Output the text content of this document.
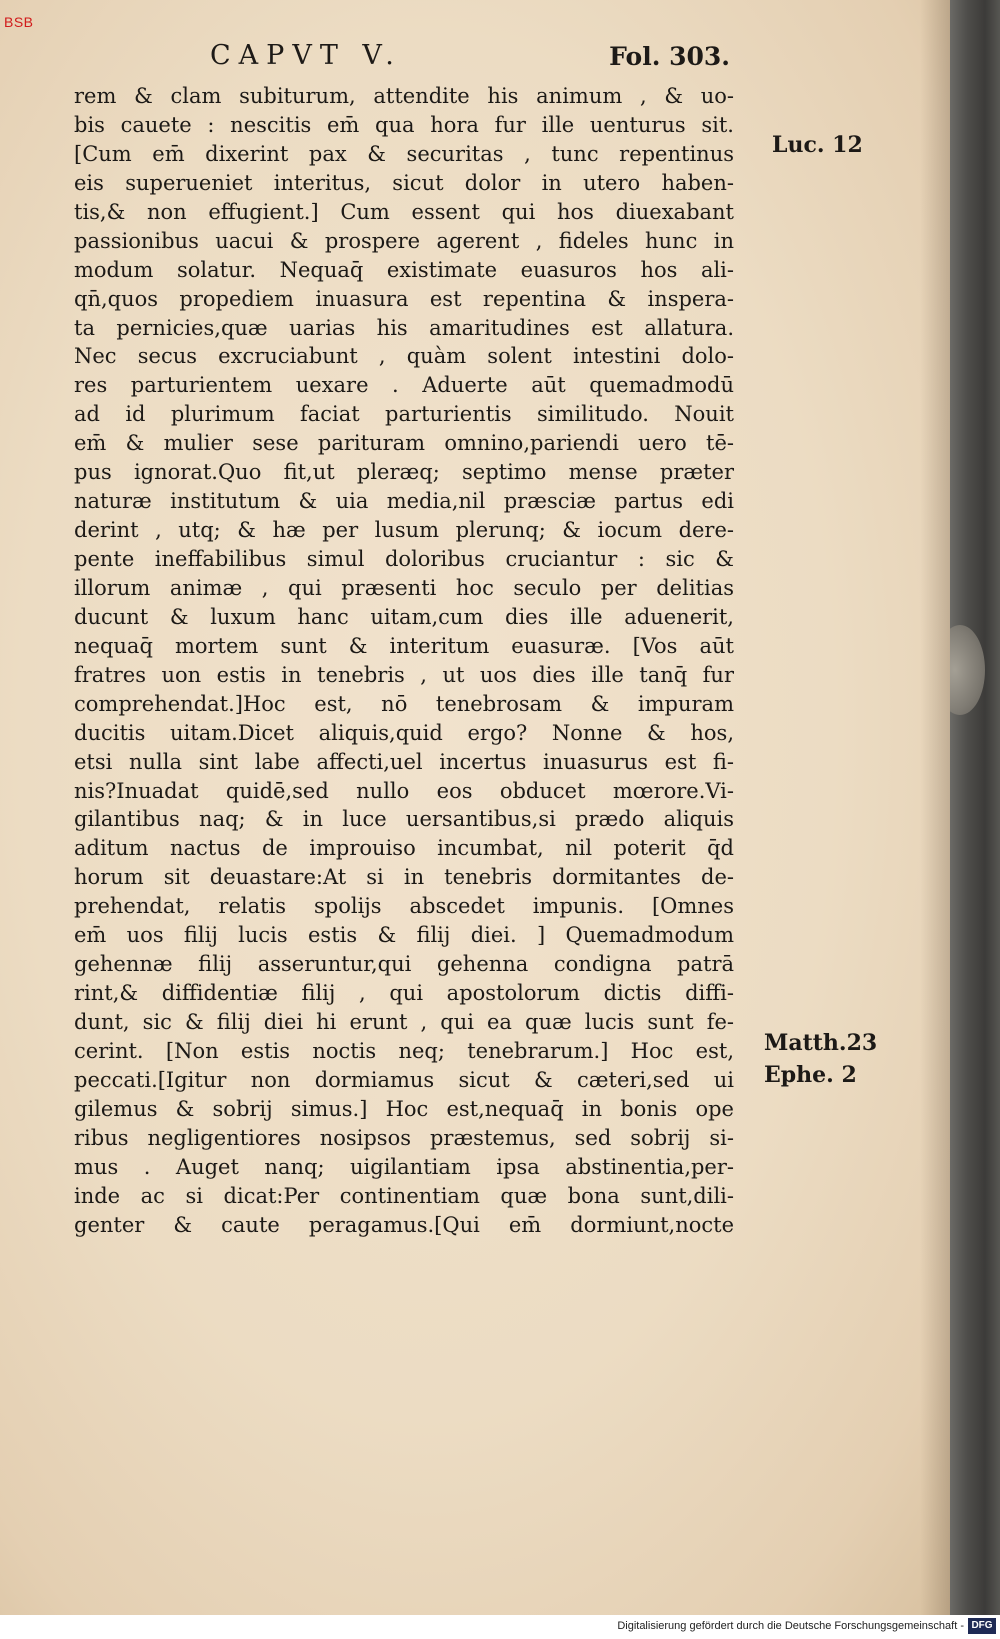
BSB
CAPVT V.	Fol. 303.
rem & clam subiturum, attendite his animum , & uo-
bis cauete : nescitis em̄ qua hora fur ille uenturus sit.
[Cum em̄ dixerint pax & securitas , tunc repentinus
eis superueniet interitus, sicut dolor in utero haben-
tis,& non effugient.] Cum essent qui hos diuexabant
passionibus uacui & prospere agerent , fideles hunc in
modum solatur. Nequaq̄ existimate euasuros hos ali-
qn̄,quos propediem inuasura est repentina & inspera-
ta pernicies,quæ uarias his amaritudines est allatura.
Nec secus excruciabunt , quàm solent intestini dolo-
res parturientem uexare . Aduerte aūt quemadmodū
ad id plurimum faciat parturientis similitudo. Nouit
em̄ & mulier sese parituram omnino,pariendi uero tē-
pus ignorat.Quo fit,ut pleræq; septimo mense præter
naturæ institutum & uia media,nil præsciæ partus edi
derint , utq; & hæ per lusum plerunq; & iocum dere-
pente ineffabilibus simul doloribus cruciantur : sic &
illorum animæ , qui præsenti hoc seculo per delitias
ducunt & luxum hanc uitam,cum dies ille aduenerit,
nequaq̄ mortem sunt & interitum euasuræ. [Vos aūt
fratres uon estis in tenebris , ut uos dies ille tanq̄ fur
comprehendat.]Hoc est, nō tenebrosam & impuram
ducitis uitam.Dicet aliquis,quid ergo? Nonne & hos,
etsi nulla sint labe affecti,uel incertus inuasurus est fi-
nis?Inuadat quidē,sed nullo eos obducet mœrore.Vi-
gilantibus naq; & in luce uersantibus,si prædo aliquis
aditum nactus de improuiso incumbat, nil poterit q̄d
horum sit deuastare:At si in tenebris dormitantes de-
prehendat, relatis spolijs abscedet impunis. [Omnes
em̄ uos filij lucis estis & filij diei. ] Quemadmodum
gehennæ filij asseruntur,qui gehenna condigna patrā
rint,& diffidentiæ filij , qui apostolorum dictis diffi-
dunt, sic & filij diei hi erunt , qui ea quæ lucis sunt fe-
cerint. [Non estis noctis neq; tenebrarum.] Hoc est,
peccati.[Igitur non dormiamus sicut & cæteri,sed ui
gilemus & sobrij simus.] Hoc est,nequaq̄ in bonis ope
ribus negligentiores nosipsos præstemus, sed sobrij si-
mus . Auget nanq; uigilantiam ipsa abstinentia,per-
inde ac si dicat:Per continentiam quæ bona sunt,dili-
genter & caute peragamus.[Qui em̄ dormiunt,nocte
Luc. 12
Matth.23
Ephe. 2
Digitalisierung gefördert durch die Deutsche Forschungsgemeinschaft - DFG
